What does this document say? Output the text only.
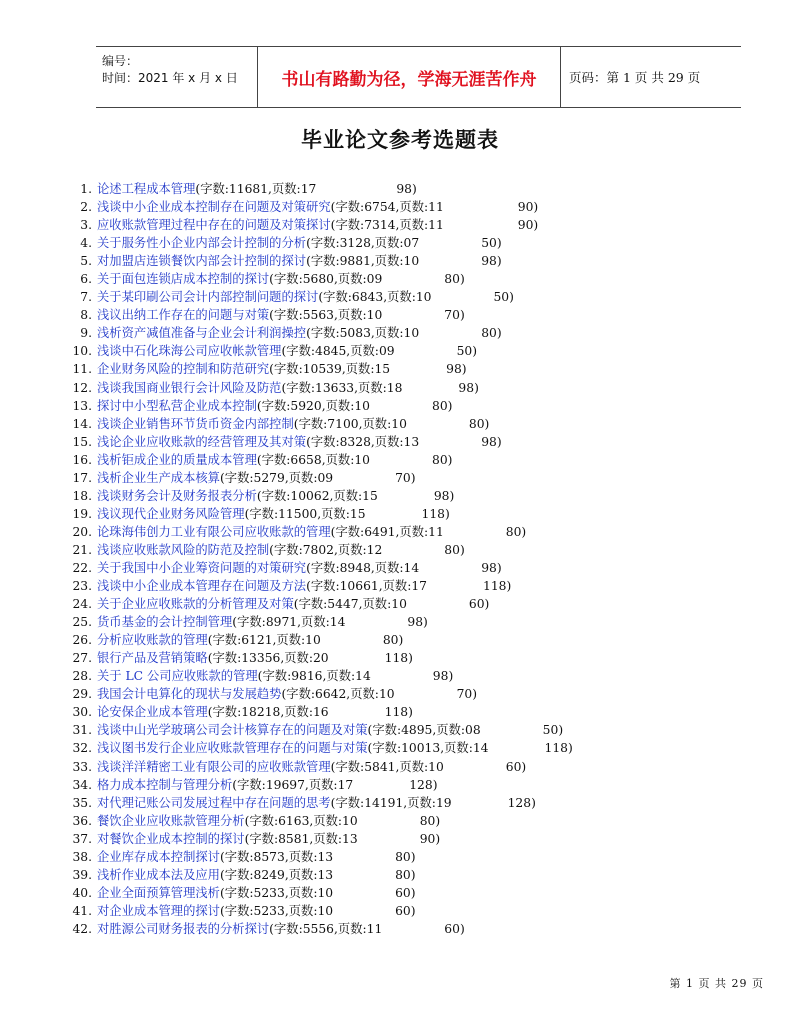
编号：
时间：2021 年 x 月 x 日	书山有路勤为径，学海无涯苦作舟	页码：第 1 页 共 29 页
毕业论文参考选题表
1. 论述工程成本管理 (字数:11681,页数:17	98)
2. 浅谈中小企业成本控制存在问题及对策研究 (字数:6754,页数:11	90)
3. 应收账款管理过程中存在的问题及对策探讨 (字数:7314,页数:11	90)
4. 关于服务性小企业内部会计控制的分析 (字数:3128,页数:07	50)
5. 对加盟店连锁餐饮内部会计控制的探讨 (字数:9881,页数:10	98)
6. 关于面包连锁店成本控制的探讨 (字数:5680,页数:09	80)
7. 关于某印刷公司会计内部控制问题的探讨 (字数:6843,页数:10	50)
8. 浅议出纳工作存在的问题与对策 (字数:5563,页数:10	70)
9. 浅析资产减值准备与企业会计利润操控 (字数:5083,页数:10	80)
10. 浅谈中石化珠海公司应收帐款管理 (字数:4845,页数:09	50)
11. 企业财务风险的控制和防范研究 (字数:10539,页数:15	98)
12. 浅谈我国商业银行会计风险及防范 (字数:13633,页数:18	98)
13. 探讨中小型私营企业成本控制 (字数:5920,页数:10	80)
14. 浅谈企业销售环节货币资金内部控制 (字数:7100,页数:10	80)
15. 浅论企业应收账款的经营管理及其对策 (字数:8328,页数:13	98)
16. 浅析钜成企业的质量成本管理 (字数:6658,页数:10	80)
17. 浅析企业生产成本核算 (字数:5279,页数:09	70)
18. 浅谈财务会计及财务报表分析 (字数:10062,页数:15	98)
19. 浅议现代企业财务风险管理 (字数:11500,页数:15	118)
20. 论珠海伟创力工业有限公司应收账款的管理 (字数:6491,页数:11	80)
21. 浅谈应收账款风险的防范及控制 (字数:7802,页数:12	80)
22. 关于我国中小企业筹资问题的对策研究 (字数:8948,页数:14	98)
23. 浅谈中小企业成本管理存在问题及方法 (字数:10661,页数:17	118)
24. 关于企业应收账款的分析管理及对策 (字数:5447,页数:10	60)
25. 货币基金的会计控制管理 (字数:8971,页数:14	98)
26. 分析应收账款的管理 (字数:6121,页数:10	80)
27. 银行产品及营销策略 (字数:13356,页数:20	118)
28. 关于 LC 公司应收账款的管理 (字数:9816,页数:14	98)
29. 我国会计电算化的现状与发展趋势 (字数:6642,页数:10	70)
30. 论安保企业成本管理 (字数:18218,页数:16	118)
31. 浅谈中山光学玻璃公司会计核算存在的问题及对策 (字数:4895,页数:08	50)
32. 浅议图书发行企业应收账款管理存在的问题与对策 (字数:10013,页数:14	118)
33. 浅谈洋洋精密工业有限公司的应收账款管理 (字数:5841,页数:10	60)
34. 格力成本控制与管理分析 (字数:19697,页数:17	128)
35. 对代理记账公司发展过程中存在问题的思考 (字数:14191,页数:19	128)
36. 餐饮企业应收账款管理分析 (字数:6163,页数:10	80)
37. 对餐饮企业成本控制的探讨 (字数:8581,页数:13	90)
38. 企业库存成本控制探讨 (字数:8573,页数:13	80)
39. 浅析作业成本法及应用 (字数:8249,页数:13	80)
40. 企业全面预算管理浅析 (字数:5233,页数:10	60)
41. 对企业成本管理的探讨 (字数:5233,页数:10	60)
42. 对胜源公司财务报表的分析探讨 (字数:5556,页数:11	60)
第 1 页 共 29 页
